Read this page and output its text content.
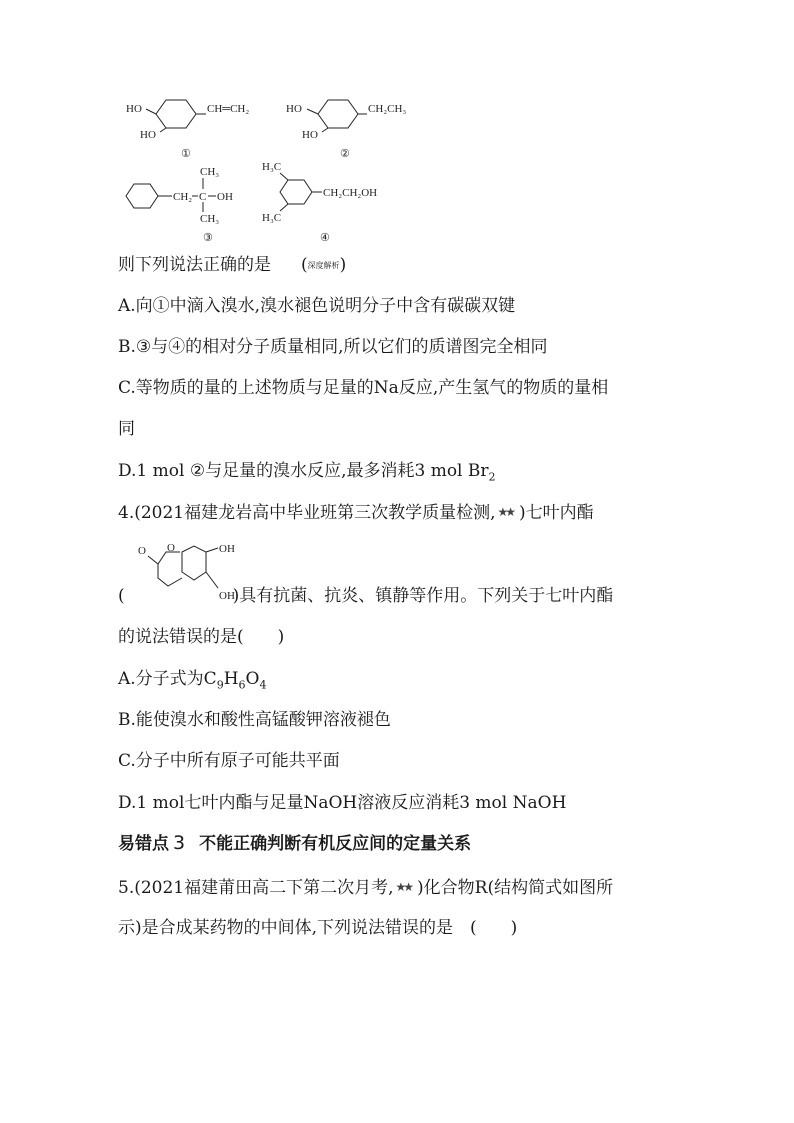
HO
HO
CH═CH₂
①
HO
HO
CH₂CH₃
②
CH₃
CH₂ C OH
CH₃
③
H₃C
CH₂CH₂OH
H₃C
④
则下列说法正确的是 (深度解析)
A.向①中滴入溴水,溴水褪色说明分子中含有碳碳双键
B.③与④的相对分子质量相同,所以它们的质谱图完全相同
C.等物质的量的上述物质与足量的Na反应,产生氢气的物质的量相
同
D.1 mol ②与足量的溴水反应,最多消耗3 mol $Br_2$
4.(2021福建龙岩高中毕业班第三次教学质量检测, ★★ )七叶内酯
O O	OH
OH
(	)具有抗菌、抗炎、镇静等作用。下列关于七叶内酯
的说法错误的是(　　)
A.分子式为$C_9H_6O_4$
B.能使溴水和酸性高锰酸钾溶液褪色
C.分子中所有原子可能共平面
D.1 mol七叶内酯与足量NaOH溶液反应消耗3 mol NaOH
易错点 3 不能正确判断有机反应间的定量关系
5.(2021福建莆田高二下第二次月考, ★★ )化合物R(结构简式如图所
示)是合成某药物的中间体,下列说法错误的是　(　　)
